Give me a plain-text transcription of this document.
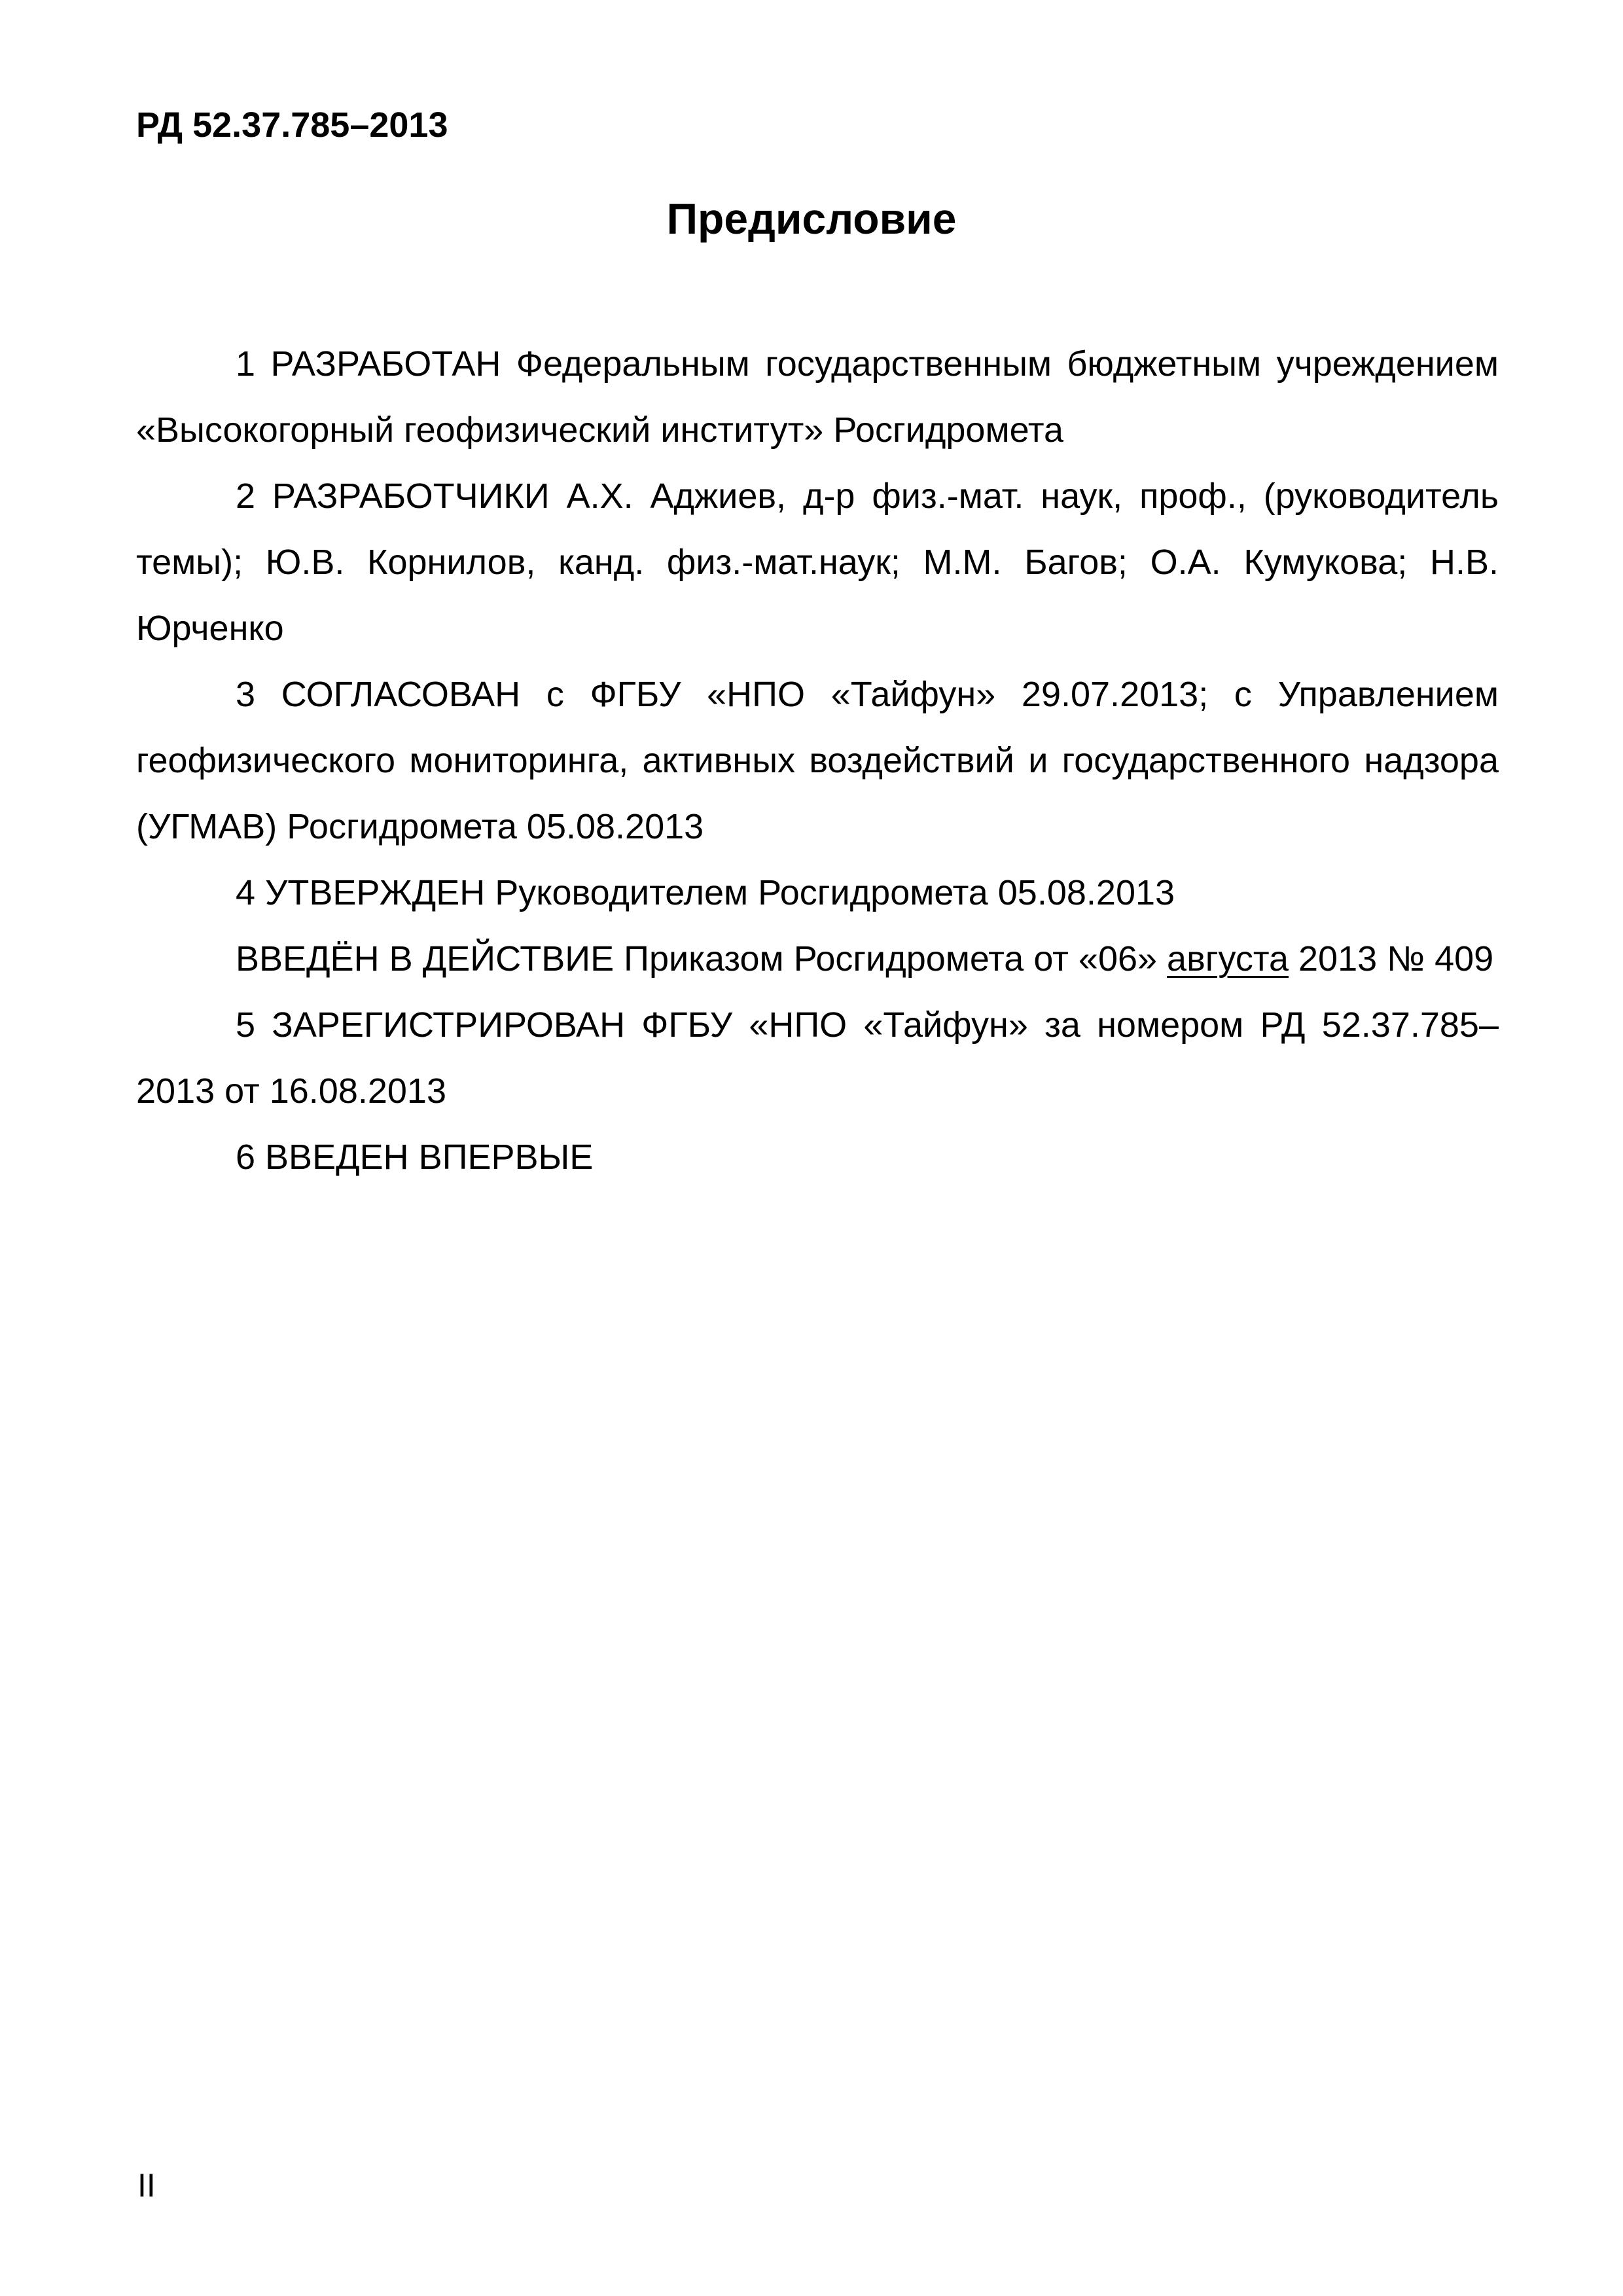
РД 52.37.785–2013
Предисловие

1 РАЗРАБОТАН Федеральным государственным бюджетным учреждением «Высокогорный геофизический институт» Росгидромета

2 РАЗРАБОТЧИКИ А.Х. Аджиев, д-р физ.-мат. наук, проф., (руководитель темы); Ю.В. Корнилов, канд. физ.-мат.наук; М.М. Багов; О.А. Кумукова; Н.В. Юрченко

3 СОГЛАСОВАН с ФГБУ «НПО «Тайфун» 29.07.2013; с Управлением геофизического мониторинга, активных воздействий и государственного надзора (УГМАВ) Росгидромета 05.08.2013

4 УТВЕРЖДЕН Руководителем Росгидромета 05.08.2013

ВВЕДЁН В ДЕЙСТВИЕ Приказом Росгидромета от «06» августа 2013 № 409

5 ЗАРЕГИСТРИРОВАН ФГБУ «НПО «Тайфун» за номером РД 52.37.785–2013 от 16.08.2013

6 ВВЕДЕН ВПЕРВЫЕ

II
